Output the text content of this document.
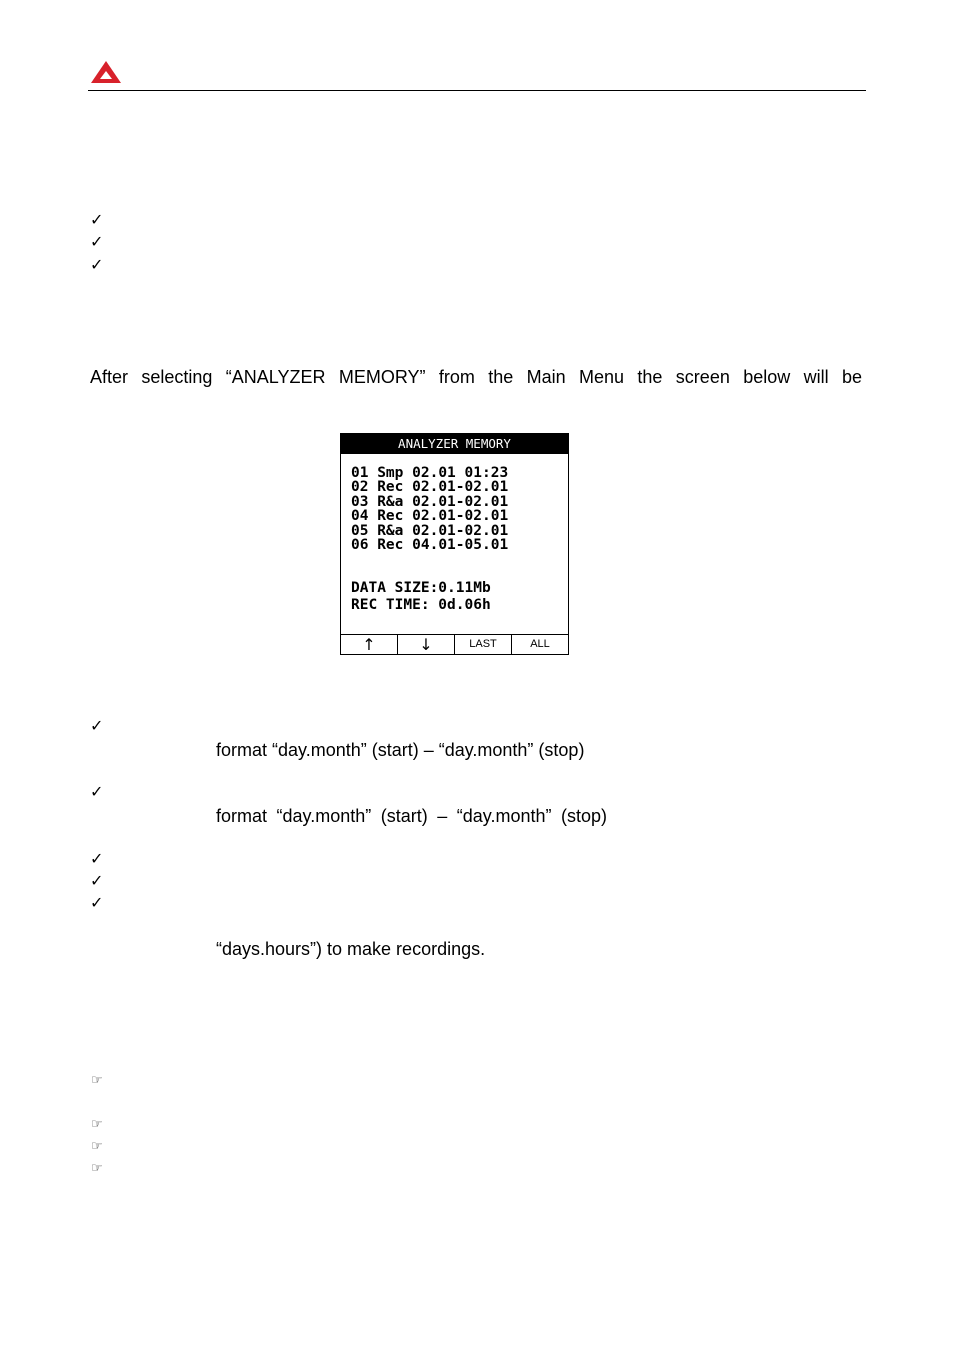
✓
✓
✓
After selecting “ANALYZER MEMORY” from the Main Menu the screen below will be
ANALYZER MEMORY
01 Smp 02.01 01:23
02 Rec 02.01-02.01
03 R&a 02.01-02.01
04 Rec 02.01-02.01
05 R&a 02.01-02.01
06 Rec 04.01-05.01
DATA SIZE:0.11Mb
REC TIME: 0d.06h
↑	↓	LAST	ALL
✓
format “day.month” (start) – “day.month” (stop)
✓
format “day.month” (start) – “day.month” (stop)
✓
✓
✓
“days.hours”) to make recordings.
☞
☞
☞
☞
